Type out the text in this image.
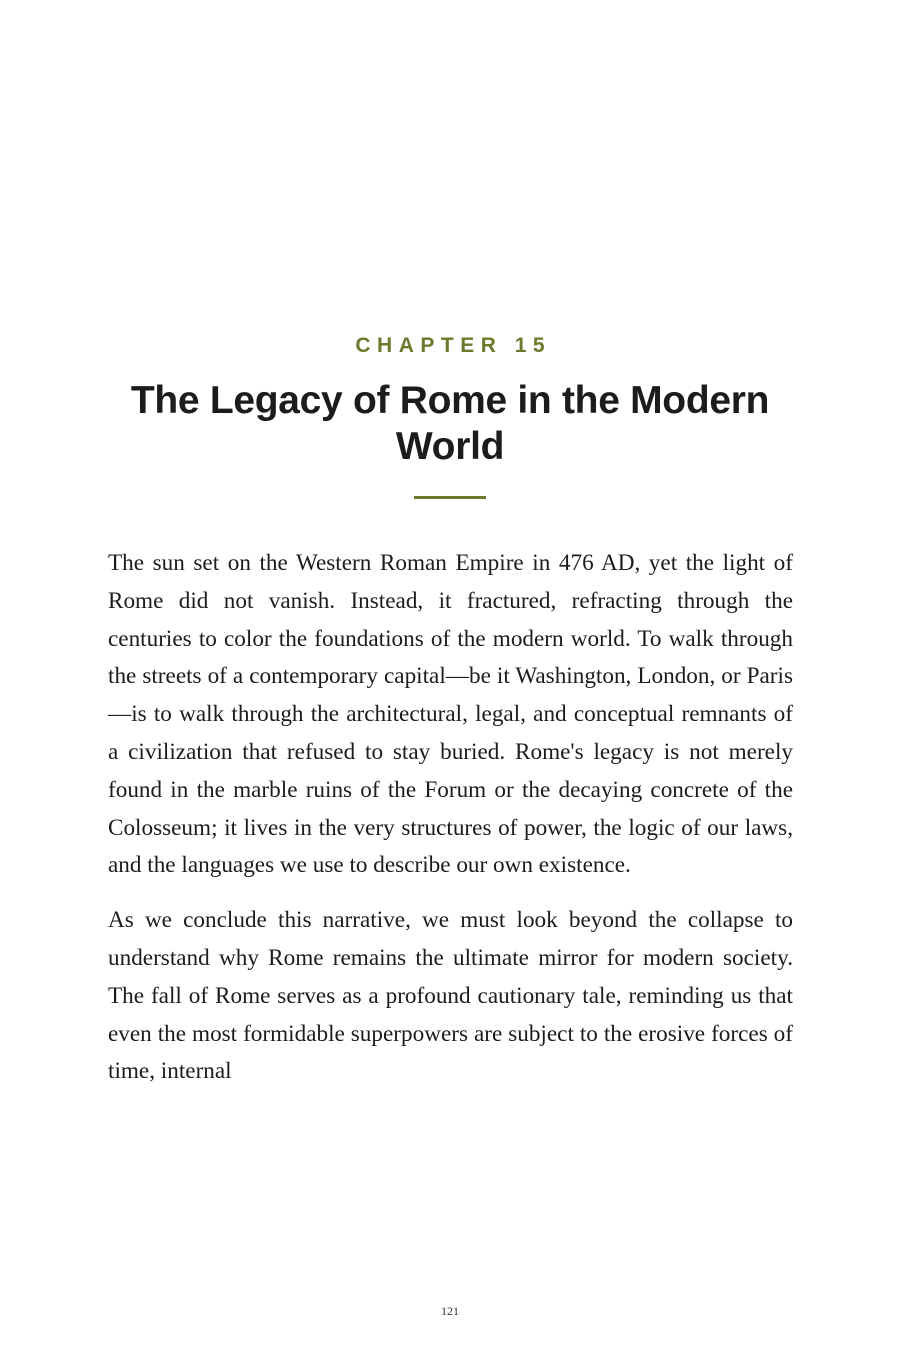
CHAPTER 15
The Legacy of Rome in the Modern World

The sun set on the Western Roman Empire in 476 AD, yet the light of Rome did not vanish. Instead, it fractured, refracting through the centuries to color the foundations of the modern world. To walk through the streets of a contemporary capital—be it Washington, London, or Paris—is to walk through the architectural, legal, and conceptual remnants of a civilization that refused to stay buried. Rome's legacy is not merely found in the marble ruins of the Forum or the decaying concrete of the Colosseum; it lives in the very structures of power, the logic of our laws, and the languages we use to describe our own existence.

As we conclude this narrative, we must look beyond the collapse to understand why Rome remains the ultimate mirror for modern society. The fall of Rome serves as a profound cautionary tale, reminding us that even the most formidable superpowers are subject to the erosive forces of time, internal

121
